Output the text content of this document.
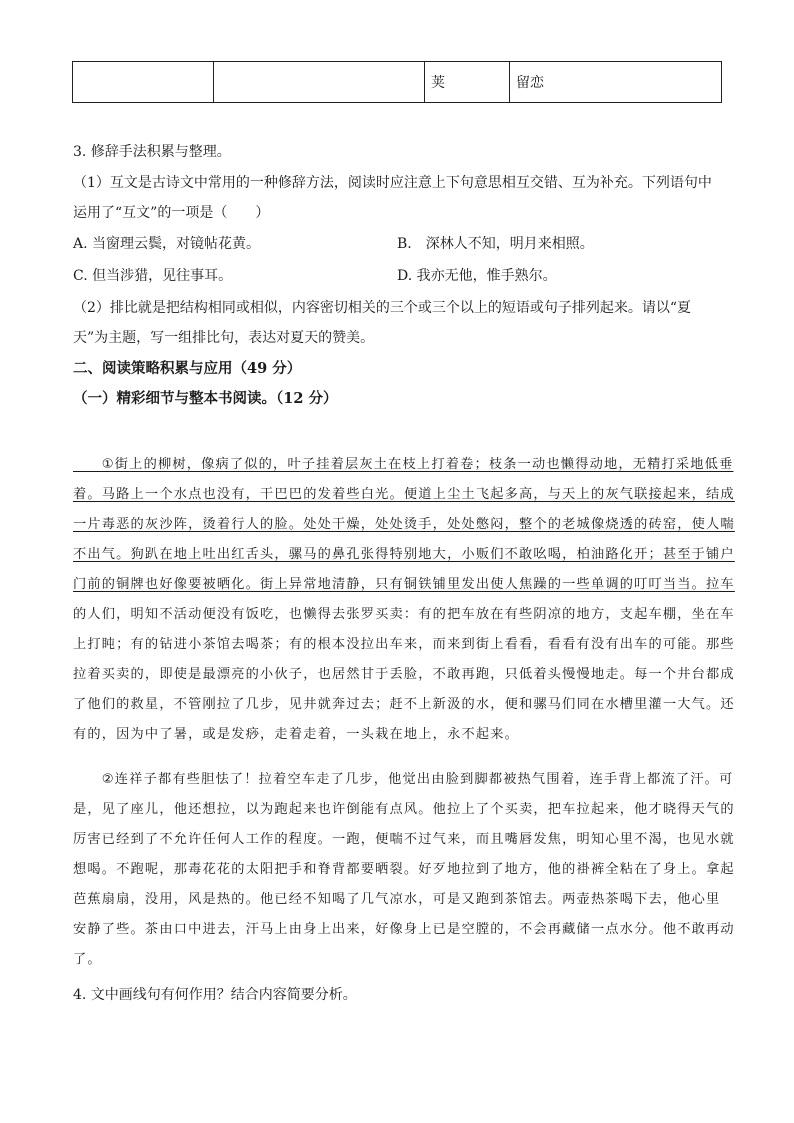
		荚	留恋
3. 修辞手法积累与整理。
（1）互文是古诗文中常用的一种修辞方法，阅读时应注意上下句意思相互交错、互为补充。下列语句中
运用了“互文”的一项是（　　）
A. 当窗理云鬓，对镜帖花黄。	B.　深林人不知，明月来相照。
C. 但当涉猎，见往事耳。	D. 我亦无他，惟手熟尔。
（2）排比就是把结构相同或相似，内容密切相关的三个或三个以上的短语或句子排列起来。请以“夏
天”为主题，写一组排比句，表达对夏天的赞美。
二、阅读策略积累与应用（49 分）
（一）精彩细节与整本书阅读。（12 分）
　　①街上的柳树，像病了似的，叶子挂着层灰土在枝上打着卷；枝条一动也懒得动地，无精打采地低垂
着。马路上一个水点也没有，干巴巴的发着些白光。便道上尘土飞起多高，与天上的灰气联接起来，结成
一片毒恶的灰沙阵，烫着行人的脸。处处干燥，处处烫手，处处憋闷，整个的老城像烧透的砖窑，使人喘
不出气。狗趴在地上吐出红舌头，骡马的鼻孔张得特别地大，小贩们不敢吆喝，柏油路化开；甚至于铺户
门前的铜牌也好像要被晒化。街上异常地清静，只有铜铁铺里发出使人焦躁的一些单调的叮叮当当。拉车
的人们，明知不活动便没有饭吃，也懒得去张罗买卖：有的把车放在有些阴凉的地方，支起车棚，坐在车
上打盹；有的钻进小茶馆去喝茶；有的根本没拉出车来，而来到街上看看，看看有没有出车的可能。那些
拉着买卖的，即使是最漂亮的小伙子，也居然甘于丢脸，不敢再跑，只低着头慢慢地走。每一个井台都成
了他们的救星，不管刚拉了几步，见井就奔过去；赶不上新汲的水，便和骡马们同在水槽里灌一大气。还
有的，因为中了暑，或是发痧，走着走着，一头栽在地上，永不起来。
　　②连祥子都有些胆怯了！拉着空车走了几步，他觉出由脸到脚都被热气围着，连手背上都流了汗。可
是，见了座儿，他还想拉，以为跑起来也许倒能有点风。他拉上了个买卖，把车拉起来，他才晓得天气的
厉害已经到了不允许任何人工作的程度。一跑，便喘不过气来，而且嘴唇发焦，明知心里不渴，也见水就
想喝。不跑呢，那毒花花的太阳把手和脊背都要晒裂。好歹地拉到了地方，他的褂裤全粘在了身上。拿起
芭蕉扇扇，没用，风是热的。他已经不知喝了几气凉水，可是又跑到茶馆去。两壶热茶喝下去，他心里
安静了些。茶由口中进去，汗马上由身上出来，好像身上已是空膛的，不会再藏储一点水分。他不敢再动
了。
4. 文中画线句有何作用？结合内容简要分析。
